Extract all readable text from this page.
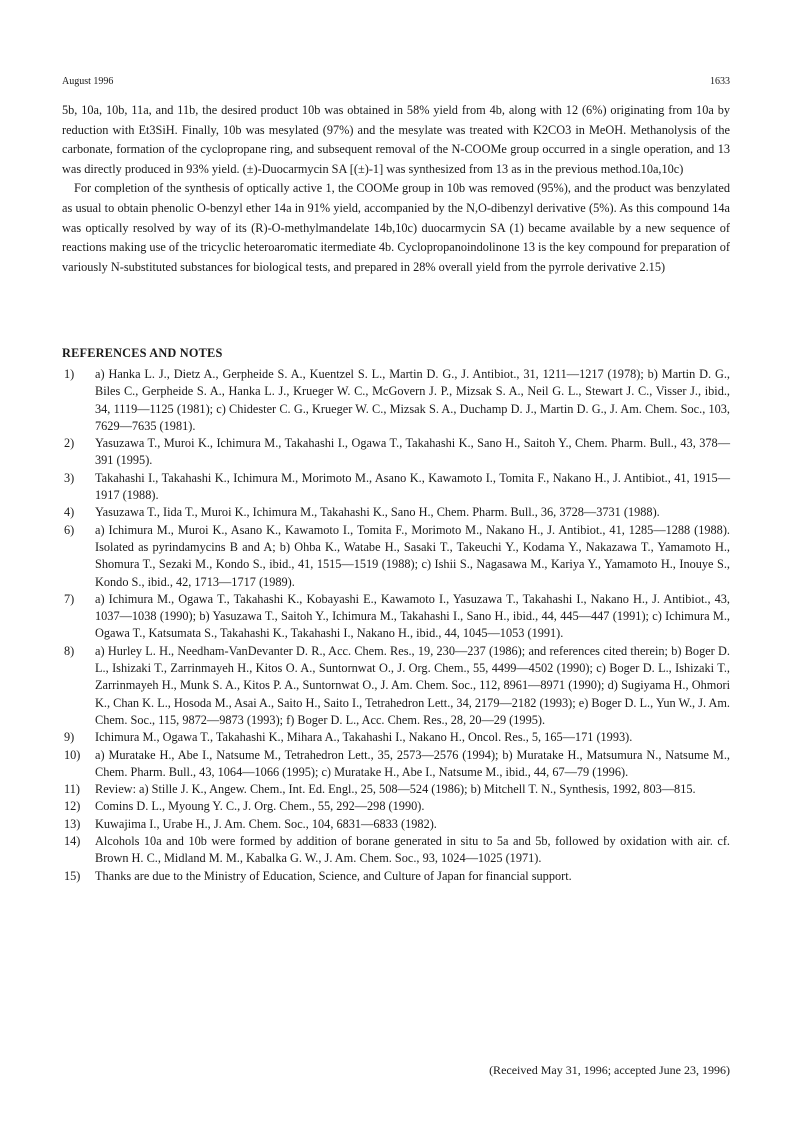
August 1996	1633

5b, 10a, 10b, 11a, and 11b, the desired product 10b was obtained in 58% yield from 4b, along with 12 (6%) originating from 10a by reduction with Et3SiH. Finally, 10b was mesylated (97%) and the mesylate was treated with K2CO3 in MeOH. Methanolysis of the carbonate, formation of the cyclopropane ring, and subsequent removal of the N-COOMe group occurred in a single operation, and 13 was directly produced in 93% yield. (±)-Duocarmycin SA [(±)-1] was synthesized from 13 as in the previous method.10a,10c)

For completion of the synthesis of optically active 1, the COOMe group in 10b was removed (95%), and the product was benzylated as usual to obtain phenolic O-benzyl ether 14a in 91% yield, accompanied by the N,O-dibenzyl derivative (5%). As this compound 14a was optically resolved by way of its (R)-O-methylmandelate 14b,10c) duocarmycin SA (1) became available by a new sequence of reactions making use of the tricyclic heteroaromatic itermediate 4b. Cyclopropanoindolinone 13 is the key compound for preparation of variously N-substituted substances for biological tests, and prepared in 28% overall yield from the pyrrole derivative 2.15)

REFERENCES AND NOTES
1)	a) Hanka L. J., Dietz A., Gerpheide S. A., Kuentzel S. L., Martin D. G., J. Antibiot., 31, 1211—1217 (1978); b) Martin D. G., Biles C., Gerpheide S. A., Hanka L. J., Krueger W. C., McGovern J. P., Mizsak S. A., Neil G. L., Stewart J. C., Visser J., ibid., 34, 1119—1125 (1981); c) Chidester C. G., Krueger W. C., Mizsak S. A., Duchamp D. J., Martin D. G., J. Am. Chem. Soc., 103, 7629—7635 (1981).
2)	Yasuzawa T., Muroi K., Ichimura M., Takahashi I., Ogawa T., Takahashi K., Sano H., Saitoh Y., Chem. Pharm. Bull., 43, 378—391 (1995).
3)	Takahashi I., Takahashi K., Ichimura M., Morimoto M., Asano K., Kawamoto I., Tomita F., Nakano H., J. Antibiot., 41, 1915—1917 (1988).
4)	Yasuzawa T., Iida T., Muroi K., Ichimura M., Takahashi K., Sano H., Chem. Pharm. Bull., 36, 3728—3731 (1988).
6)	a) Ichimura M., Muroi K., Asano K., Kawamoto I., Tomita F., Morimoto M., Nakano H., J. Antibiot., 41, 1285—1288 (1988). Isolated as pyrindamycins B and A; b) Ohba K., Watabe H., Sasaki T., Takeuchi Y., Kodama Y., Nakazawa T., Yamamoto H., Shomura T., Sezaki M., Kondo S., ibid., 41, 1515—1519 (1988); c) Ishii S., Nagasawa M., Kariya Y., Yamamoto H., Inouye S., Kondo S., ibid., 42, 1713—1717 (1989).
7)	a) Ichimura M., Ogawa T., Takahashi K., Kobayashi E., Kawamoto I., Yasuzawa T., Takahashi I., Nakano H., J. Antibiot., 43, 1037—1038 (1990); b) Yasuzawa T., Saitoh Y., Ichimura M., Takahashi I., Sano H., ibid., 44, 445—447 (1991); c) Ichimura M., Ogawa T., Katsumata S., Takahashi K., Takahashi I., Nakano H., ibid., 44, 1045—1053 (1991).
8)	a) Hurley L. H., Needham-VanDevanter D. R., Acc. Chem. Res., 19, 230—237 (1986); and references cited therein; b) Boger D. L., Ishizaki T., Zarrinmayeh H., Kitos O. A., Suntornwat O., J. Org. Chem., 55, 4499—4502 (1990); c) Boger D. L., Ishizaki T., Zarrinmayeh H., Munk S. A., Kitos P. A., Suntornwat O., J. Am. Chem. Soc., 112, 8961—8971 (1990); d) Sugiyama H., Ohmori K., Chan K. L., Hosoda M., Asai A., Saito H., Saito I., Tetrahedron Lett., 34, 2179—2182 (1993); e) Boger D. L., Yun W., J. Am. Chem. Soc., 115, 9872—9873 (1993); f) Boger D. L., Acc. Chem. Res., 28, 20—29 (1995).
9)	Ichimura M., Ogawa T., Takahashi K., Mihara A., Takahashi I., Nakano H., Oncol. Res., 5, 165—171 (1993).
10)	a) Muratake H., Abe I., Natsume M., Tetrahedron Lett., 35, 2573—2576 (1994); b) Muratake H., Matsumura N., Natsume M., Chem. Pharm. Bull., 43, 1064—1066 (1995); c) Muratake H., Abe I., Natsume M., ibid., 44, 67—79 (1996).
11)	Review: a) Stille J. K., Angew. Chem., Int. Ed. Engl., 25, 508—524 (1986); b) Mitchell T. N., Synthesis, 1992, 803—815.
12)	Comins D. L., Myoung Y. C., J. Org. Chem., 55, 292—298 (1990).
13)	Kuwajima I., Urabe H., J. Am. Chem. Soc., 104, 6831—6833 (1982).
14)	Alcohols 10a and 10b were formed by addition of borane generated in situ to 5a and 5b, followed by oxidation with air. cf. Brown H. C., Midland M. M., Kabalka G. W., J. Am. Chem. Soc., 93, 1024—1025 (1971).
15)	Thanks are due to the Ministry of Education, Science, and Culture of Japan for financial support.
(Received May 31, 1996; accepted June 23, 1996)
